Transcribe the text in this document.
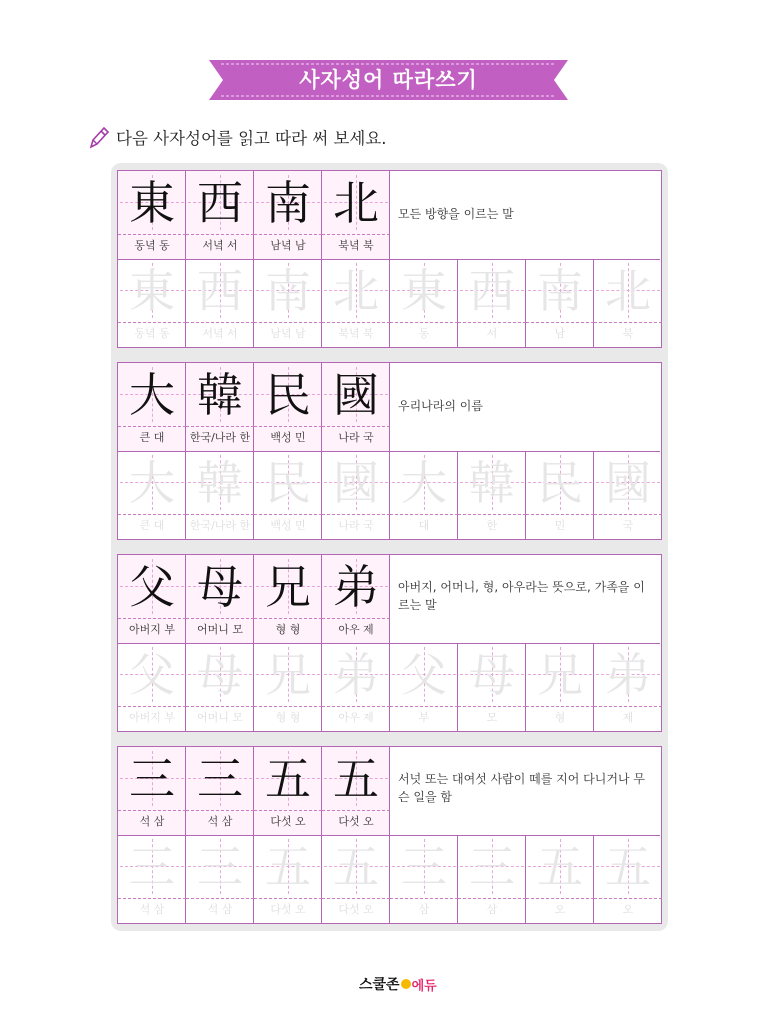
사자성어 따라쓰기
다음 사자성어를 읽고 따라 써 보세요.
東
동녘 동
西
서녘 서
南
남녘 남
北
북녘 북
모든 방향을 이르는 말
東
동녘 동
西
서녘 서
南
남녘 남
北
북녘 북
東
동
西
서
南
남
北
북
大
큰 대
韓
한국/나라 한
民
백성 민
國
나라 국
우리나라의 이름
大
큰 대
韓
한국/나라 한
民
백성 민
國
나라 국
大
대
韓
한
民
민
國
국
父
아버지 부
母
어머니 모
兄
형 형
弟
아우 제
아버지, 어머니, 형, 아우라는 뜻으로, 가족을 이르는 말
父
아버지 부
母
어머니 모
兄
형 형
弟
아우 제
父
부
母
모
兄
형
弟
제
三
석 삼
三
석 삼
五
다섯 오
五
다섯 오
서넛 또는 대여섯 사람이 떼를 지어 다니거나 무슨 일을 함
三
석 삼
三
석 삼
五
다섯 오
五
다섯 오
三
삼
三
삼
五
오
五
오
스쿨존 에듀
